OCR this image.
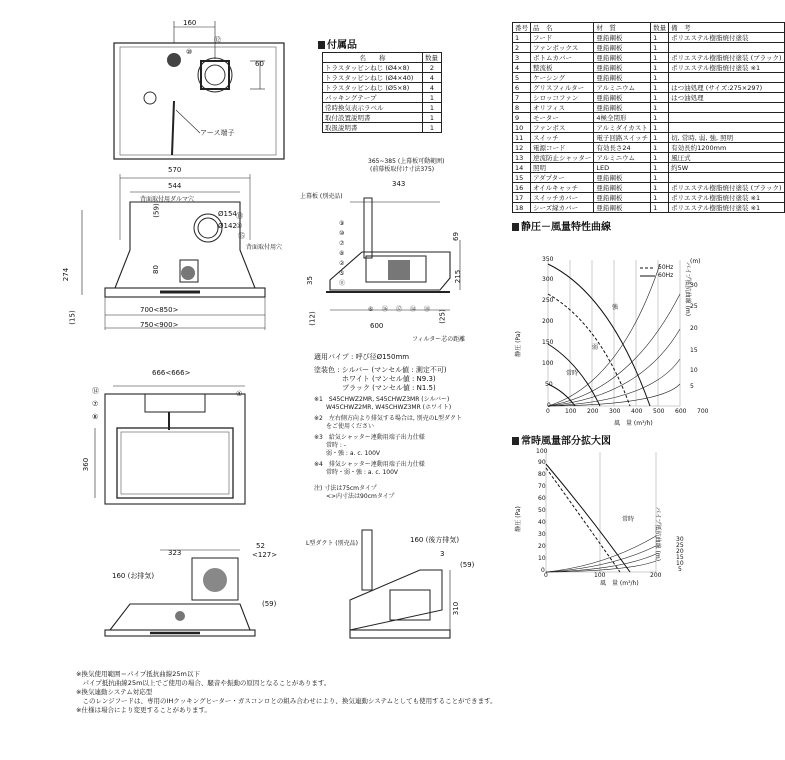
160
60
⑫
⑩
アース端子
付属品
名　　称	数量
トラスタッピンねじ (Ø4×8)	2
トラスタッピンねじ (Ø4×40)	4
トラスタッピンねじ (Ø5×8)	4
パッキングテープ	1
常時換気表示ラベル	1
取付設置説明書	1
取扱説明書	1
番号	品　名	材　質	数量	備　考
1	フード	亜鉛鋼板	1	ポリエステル樹脂焼付塗装
2	ファンボックス	亜鉛鋼板	1	
3	ボトムカバー	亜鉛鋼板	1	ポリエステル樹脂焼付塗装 (ブラック)
4	整流板	亜鉛鋼板	1	ポリエステル樹脂焼付塗装 ※1
5	ケーシング	亜鉛鋼板	1	
6	グリスフィルター	アルミニウム	1	はつ油処理 (サイズ:275×297)
7	シロッコファン	亜鉛鋼板	1	はつ油処理
8	オリフィス	亜鉛鋼板	1	
9	モーター	4極全閉形	1	
10	ファンボス	アルミダイカスト	1	
11	スイッチ	電子回路スイッチ	1	切, 常時, 弱, 強, 照明
12	電源コード	有効長さ24	1	有効長約1200mm
13	逆流防止シャッター	アルミニウム	1	風圧式
14	照明	LED	1	約5W
15	アダプター	亜鉛鋼板	1	
16	オイルキャッチ	亜鉛鋼板	1	ポリエステル樹脂焼付塗装 (ブラック)
17	スイッチカバー	亜鉛鋼板	1	ポリエステル樹脂焼付塗装 ※1
18	シーズ縁カバー	亜鉛鋼板	1	ポリエステル樹脂焼付塗装 ※1
570
544
274
(15)
700<850>
750<900>
Ø154
Ø142
(59)
80
背面取付用ダルマ穴
背面取付用穴
⑬
③
⑮
365~385 (上幕板可動範囲)
(前幕板取付け寸法375)
343
69
215
35
(12)
600
(25)
上幕板 (別売品)
フィルター芯の距離
⑨
⑩
⑦
⑧
②
⑤
⑪
⑥ ⑯ ⑰ ⑭ ⑱
適用パイプ : 呼び径Ø150mm
塗装色 : シルバー (マンセル値 : 測定不可)
　　　　ホワイト (マンセル値 : N9.3)
　　　　ブラック (マンセル値 : N1.5)
※1　S45CHWZ2MR, S45CHWZ3MR (シルバー)
　　W45CHWZ2MR, W45CHWZ3MR (ホワイト)
※2　左右側方向より排気する場合は, 別売のL型ダクト
　　をご使用ください
※3　給気シャッター連動用端子出力仕様
　　常時 : -
　　弱・強 : a. c. 100V
※4　排気シャッター連動用端子出力仕様
　　常時・弱・強 : a. c. 100V
注) 寸法は75cmタイプ
　　<>内寸法は90cmタイプ
666<666>
360
⑭
⑦
⑧
④
323
52
<127>
(59)
160 (お排気)
160 (後方排気)
3
(59)
310
L型ダクト (別売品)
静圧－風量特性曲線
350
300
250
200
150
100
50
0
0	100 200 300 400 500 600 700
風　量 (m³/h)
静圧 (Pa)
パイプ抵抗曲線 (m)
(m)
30
25
20
15
10
5
50Hz
60Hz
強
弱
常時
常時風量部分拡大図
100
90
80
70
60
50
40
30
20
10
0
0	100	200
風　量 (m³/h)
静圧 (Pa)	パイプ抵抗曲線 (m) 30
25
20
15
10
5
常時
※換気使用範囲＝パイプ抵抗曲線25m以下
　パイプ抵抗曲線25m以上でご使用の場合、騒音や振動の原因となることがあります。
※換気連動システム対応型
　このレンジフードは、専用のIHクッキングヒーター・ガスコンロとの組み合わせにより、換気連動システムとしても使用することができます。
※仕様は場合により変更することがあります。
